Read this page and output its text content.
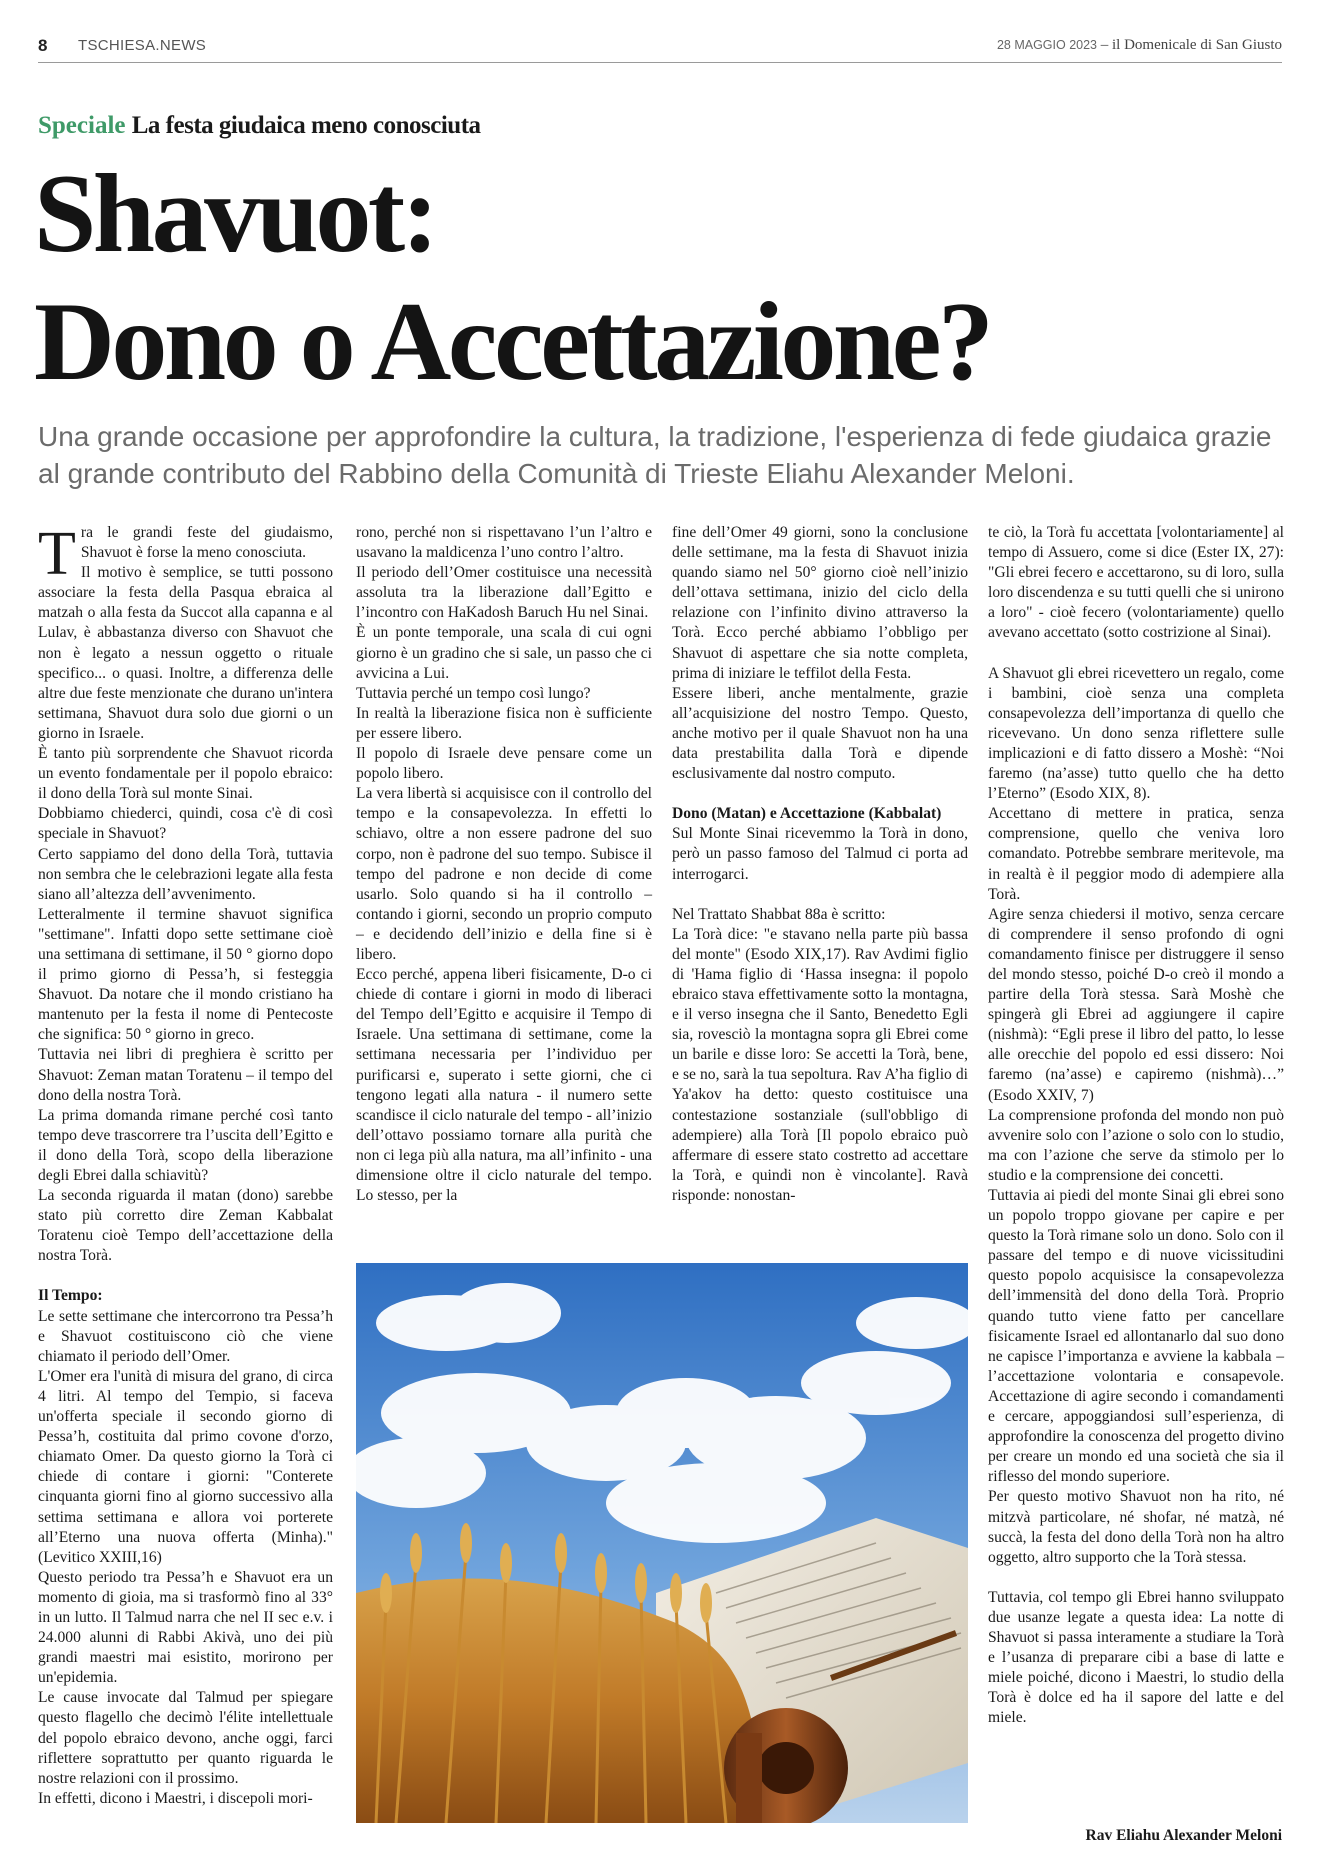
8 TSCHIESA.NEWS	28 MAGGIO 2023 – il Domenicale di San Giusto
Speciale La festa giudaica meno conosciuta
Shavuot:
Dono o Accettazione?

Una grande occasione per approfondire la cultura, la tradizione, l'esperienza di fede giudaica grazie al grande contributo del Rabbino della Comunità di Trieste Eliahu Alexander Meloni.

Tra le grandi feste del giudaismo, Shavuot è forse la meno conosciuta.

Il motivo è semplice, se tutti possono associare la festa della Pasqua ebraica al matzah o alla festa da Succot alla capanna e al Lulav, è abbastanza diverso con Shavuot che non è legato a nessun oggetto o rituale specifico... o quasi. Inoltre, a differenza delle altre due feste menzionate che durano un'intera settimana, Shavuot dura solo due giorni o un giorno in Israele.

È tanto più sorprendente che Shavuot ricorda un evento fondamentale per il popolo ebraico: il dono della Torà sul monte Sinai.

Dobbiamo chiederci, quindi, cosa c'è di così speciale in Shavuot?

Certo sappiamo del dono della Torà, tuttavia non sembra che le celebrazioni legate alla festa siano all’altezza dell’avvenimento.

Letteralmente il termine shavuot significa "settimane". Infatti dopo sette settimane cioè una settimana di settimane, il 50 ° giorno dopo il primo giorno di Pessa’h, si festeggia Shavuot. Da notare che il mondo cristiano ha mantenuto per la festa il nome di Pentecoste che significa: 50 ° giorno in greco.

Tuttavia nei libri di preghiera è scritto per Shavuot: Zeman matan Toratenu – il tempo del dono della nostra Torà.

La prima domanda rimane perché così tanto tempo deve trascorrere tra l’uscita dell’Egitto e il dono della Torà, scopo della liberazione degli Ebrei dalla schiavitù?

La seconda riguarda il matan (dono) sarebbe stato più corretto dire Zeman Kabbalat Toratenu cioè Tempo dell’accettazione della nostra Torà.

Il Tempo:

Le sette settimane che intercorrono tra Pessa’h e Shavuot costituiscono ciò che viene chiamato il periodo dell’Omer.

L'Omer era l'unità di misura del grano, di circa 4 litri. Al tempo del Tempio, si faceva un'offerta speciale il secondo giorno di Pessa’h, costituita dal primo covone d'orzo, chiamato Omer. Da questo giorno la Torà ci chiede di contare i giorni: "Conterete cinquanta giorni fino al giorno successivo alla settima settimana e allora voi porterete all’Eterno una nuova offerta (Minha)."(Levitico XXIII,16)

Questo periodo tra Pessa’h e Shavuot era un momento di gioia, ma si trasformò fino al 33° in un lutto. Il Talmud narra che nel II sec e.v. i 24.000 alunni di Rabbi Akivà, uno dei più grandi maestri mai esistito, morirono per un'epidemia.

Le cause invocate dal Talmud per spiegare questo flagello che decimò l'élite intellettuale del popolo ebraico devono, anche oggi, farci riflettere soprattutto per quanto riguarda le nostre relazioni con il prossimo.

In effetti, dicono i Maestri, i discepoli mori-

rono, perché non si rispettavano l’un l’altro e usavano la maldicenza l’uno contro l’altro.

Il periodo dell’Omer costituisce una necessità assoluta tra la liberazione dall’Egitto e l’incontro con HaKadosh Baruch Hu nel Sinai.

È un ponte temporale, una scala di cui ogni giorno è un gradino che si sale, un passo che ci avvicina a Lui.

Tuttavia perché un tempo così lungo?

In realtà la liberazione fisica non è sufficiente per essere libero.

Il popolo di Israele deve pensare come un popolo libero.

La vera libertà si acquisisce con il controllo del tempo e la consapevolezza. In effetti lo schiavo, oltre a non essere padrone del suo corpo, non è padrone del suo tempo. Subisce il tempo del padrone e non decide di come usarlo. Solo quando si ha il controllo – contando i giorni, secondo un proprio computo – e decidendo dell’inizio e della fine si è libero.

Ecco perché, appena liberi fisicamente, D-o ci chiede di contare i giorni in modo di liberaci del Tempo dell’Egitto e acquisire il Tempo di Israele. Una settimana di settimane, come la settimana necessaria per l’individuo per purificarsi e, superato i sette giorni, che ci tengono legati alla natura - il numero sette scandisce il ciclo naturale del tempo - all’inizio dell’ottavo possiamo tornare alla purità che non ci lega più alla natura, ma all’infinito - una dimensione oltre il ciclo naturale del tempo. Lo stesso, per la

fine dell’Omer 49 giorni, sono la conclusione delle settimane, ma la festa di Shavuot inizia quando siamo nel 50° giorno cioè nell’inizio dell’ottava settimana, inizio del ciclo della relazione con l’infinito divino attraverso la Torà. Ecco perché abbiamo l’obbligo per Shavuot di aspettare che sia notte completa, prima di iniziare le teffilot della Festa.

Essere liberi, anche mentalmente, grazie all’acquisizione del nostro Tempo. Questo, anche motivo per il quale Shavuot non ha una data prestabilita dalla Torà e dipende esclusivamente dal nostro computo.

Dono (Matan) e Accettazione (Kabbalat)

Sul Monte Sinai ricevemmo la Torà in dono, però un passo famoso del Talmud ci porta ad interrogarci.

Nel Trattato Shabbat 88a è scritto:

La Torà dice: "e stavano nella parte più bassa del monte" (Esodo XIX,17). Rav Avdimi figlio di 'Hama figlio di ‘Hassa insegna: il popolo ebraico stava effettivamente sotto la montagna, e il verso insegna che il Santo, Benedetto Egli sia, rovesciò la montagna sopra gli Ebrei come un barile e disse loro: Se accetti la Torà, bene, e se no, sarà la tua sepoltura. Rav A’ha figlio di Ya'akov ha detto: questo costituisce una contestazione sostanziale (sull'obbligo di adempiere) alla Torà [Il popolo ebraico può affermare di essere stato costretto ad accettare la Torà, e quindi non è vincolante]. Ravà risponde: nonostan-

te ciò, la Torà fu accettata [volontariamente] al tempo di Assuero, come si dice (Ester IX, 27): "Gli ebrei fecero e accettarono, su di loro, sulla loro discendenza e su tutti quelli che si unirono a loro" - cioè fecero (volontariamente) quello avevano accettato (sotto costrizione al Sinai).

A Shavuot gli ebrei ricevettero un regalo, come i bambini, cioè senza una completa consapevolezza dell’importanza di quello che ricevevano. Un dono senza riflettere sulle implicazioni e di fatto dissero a Moshè: “Noi faremo (na’asse) tutto quello che ha detto l’Eterno” (Esodo XIX, 8).

Accettano di mettere in pratica, senza comprensione, quello che veniva loro comandato. Potrebbe sembrare meritevole, ma in realtà è il peggior modo di adempiere alla Torà.

Agire senza chiedersi il motivo, senza cercare di comprendere il senso profondo di ogni comandamento finisce per distruggere il senso del mondo stesso, poiché D-o creò il mondo a partire della Torà stessa. Sarà Moshè che spingerà gli Ebrei ad aggiungere il capire (nishmà): “Egli prese il libro del patto, lo lesse alle orecchie del popolo ed essi dissero: Noi faremo (na’asse) e capiremo (nishmà)…” (Esodo XXIV, 7)

La comprensione profonda del mondo non può avvenire solo con l’azione o solo con lo studio, ma con l’azione che serve da stimolo per lo studio e la comprensione dei concetti.

Tuttavia ai piedi del monte Sinai gli ebrei sono un popolo troppo giovane per capire e per questo la Torà rimane solo un dono. Solo con il passare del tempo e di nuove vicissitudini questo popolo acquisisce la consapevolezza dell’immensità del dono della Torà. Proprio quando tutto viene fatto per cancellare fisicamente Israel ed allontanarlo dal suo dono ne capisce l’importanza e avviene la kabbala – l’accettazione volontaria e consapevole. Accettazione di agire secondo i comandamenti e cercare, appoggiandosi sull’esperienza, di approfondire la conoscenza del progetto divino per creare un mondo ed una società che sia il riflesso del mondo superiore.

Per questo motivo Shavuot non ha rito, né mitzvà particolare, né shofar, né matzà, né succà, la festa del dono della Torà non ha altro oggetto, altro supporto che la Torà stessa.

Tuttavia, col tempo gli Ebrei hanno sviluppato due usanze legate a questa idea: La notte di Shavuot si passa interamente a studiare la Torà e l’usanza di preparare cibi a base di latte e miele poiché, dicono i Maestri, lo studio della Torà è dolce ed ha il sapore del latte e del miele.

Rav Eliahu Alexander Meloni
